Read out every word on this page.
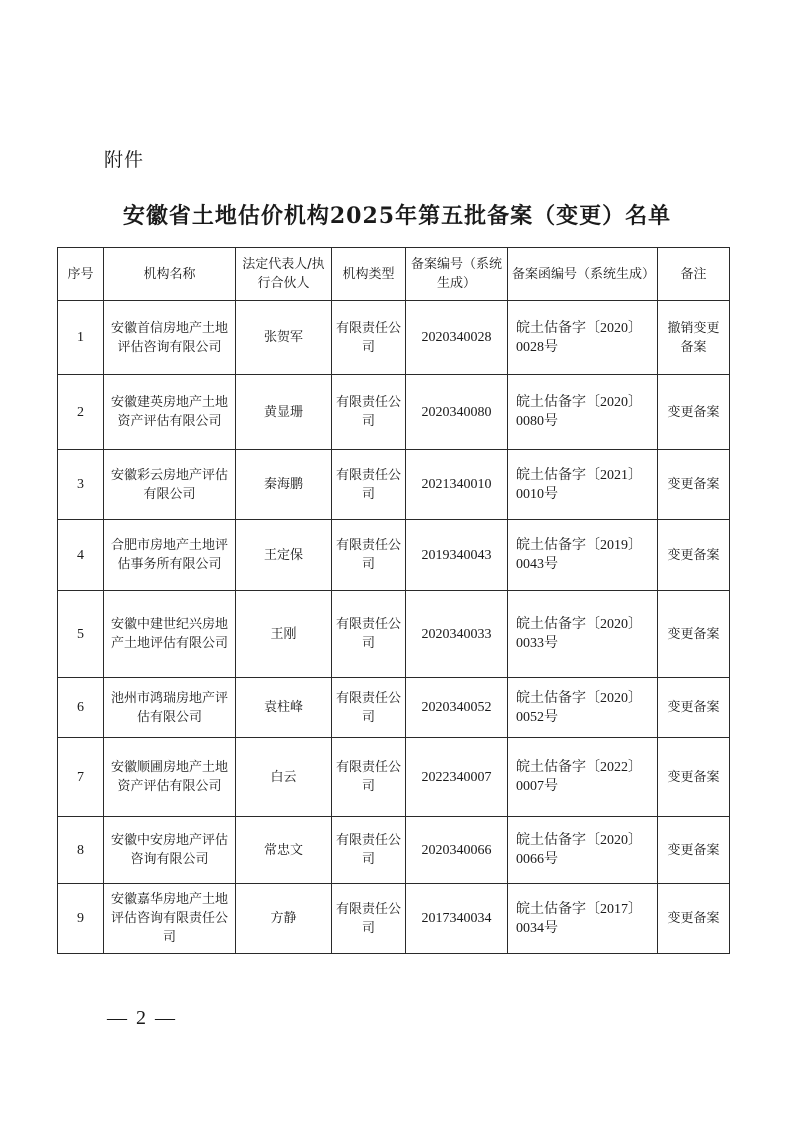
附件
安徽省土地估价机构2025年第五批备案（变更）名单
序号	机构名称	法定代表人/执行合伙人	机构类型	备案编号（系统生成）	备案函编号（系统生成）	备注
1	安徽首信房地产土地评估咨询有限公司	张贺军	有限责任公司	2020340028	皖土估备字〔2020〕0028号	撤销变更备案
2	安徽建英房地产土地资产评估有限公司	黄显珊	有限责任公司	2020340080	皖土估备字〔2020〕0080号	变更备案
3	安徽彩云房地产评估有限公司	秦海鹏	有限责任公司	2021340010	皖土估备字〔2021〕0010号	变更备案
4	合肥市房地产土地评估事务所有限公司	王定保	有限责任公司	2019340043	皖土估备字〔2019〕0043号	变更备案
5	安徽中建世纪兴房地产土地评估有限公司	王刚	有限责任公司	2020340033	皖土估备字〔2020〕0033号	变更备案
6	池州市鸿瑞房地产评估有限公司	袁柱峰	有限责任公司	2020340052	皖土估备字〔2020〕0052号	变更备案
7	安徽顺圃房地产土地资产评估有限公司	白云	有限责任公司	2022340007	皖土估备字〔2022〕0007号	变更备案
8	安徽中安房地产评估咨询有限公司	常忠文	有限责任公司	2020340066	皖土估备字〔2020〕0066号	变更备案
9	安徽嘉华房地产土地评估咨询有限责任公司	方静	有限责任公司	2017340034	皖土估备字〔2017〕0034号	变更备案
— 2 —
